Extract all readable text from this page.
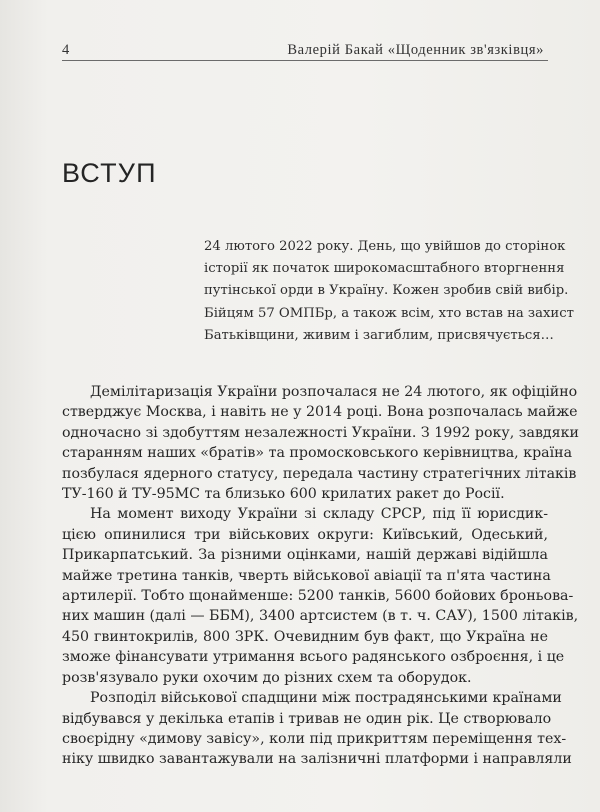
4	Валерій Бакай «Щоденник зв'язківця»
ВСТУП
24 лютого 2022 року. День, що увійшов до сторінок
історії як початок широкомасштабного вторгнення
путінської орди в Україну. Кожен зробив свій вибір.
Бійцям 57 ОМПБр, а також всім, хто встав на захист
Батьківщини, живим і загиблим, присвячується…
Демілітаризація України розпочалася не 24 лютого, як офіційно
стверджує Москва, і навіть не у 2014 році. Вона розпочалась майже
одночасно зі здобуттям незалежності України. З 1992 року, завдяки
старанням наших «братів» та промосковського керівництва, країна
позбулася ядерного статусу, передала частину стратегічних літаків
ТУ-160 й ТУ-95МС та близько 600 крилатих ракет до Росії.
На момент виходу України зі складу СРСР, під її юрисдик-
цією опинилися три військових округи: Київський, Одеський,
Прикарпатський. За різними оцінками, нашій державі відійшла
майже третина танків, чверть військової авіації та п'ята частина
артилерії. Тобто щонайменше: 5200 танків, 5600 бойових броньова-
них машин (далі — ББМ), 3400 артсистем (в т. ч. САУ), 1500 літаків,
450 гвинтокрилів, 800 ЗРК. Очевидним був факт, що Україна не
зможе фінансувати утримання всього радянського озброєння, і це
розв'язувало руки охочим до різних схем та оборудок.
Розподіл військової спадщини між пострадянськими країнами
відбувався у декілька етапів і тривав не один рік. Це створювало
своєрідну «димову завісу», коли під прикриттям переміщення тех-
ніку швидко завантажували на залізничні платформи і направляли
